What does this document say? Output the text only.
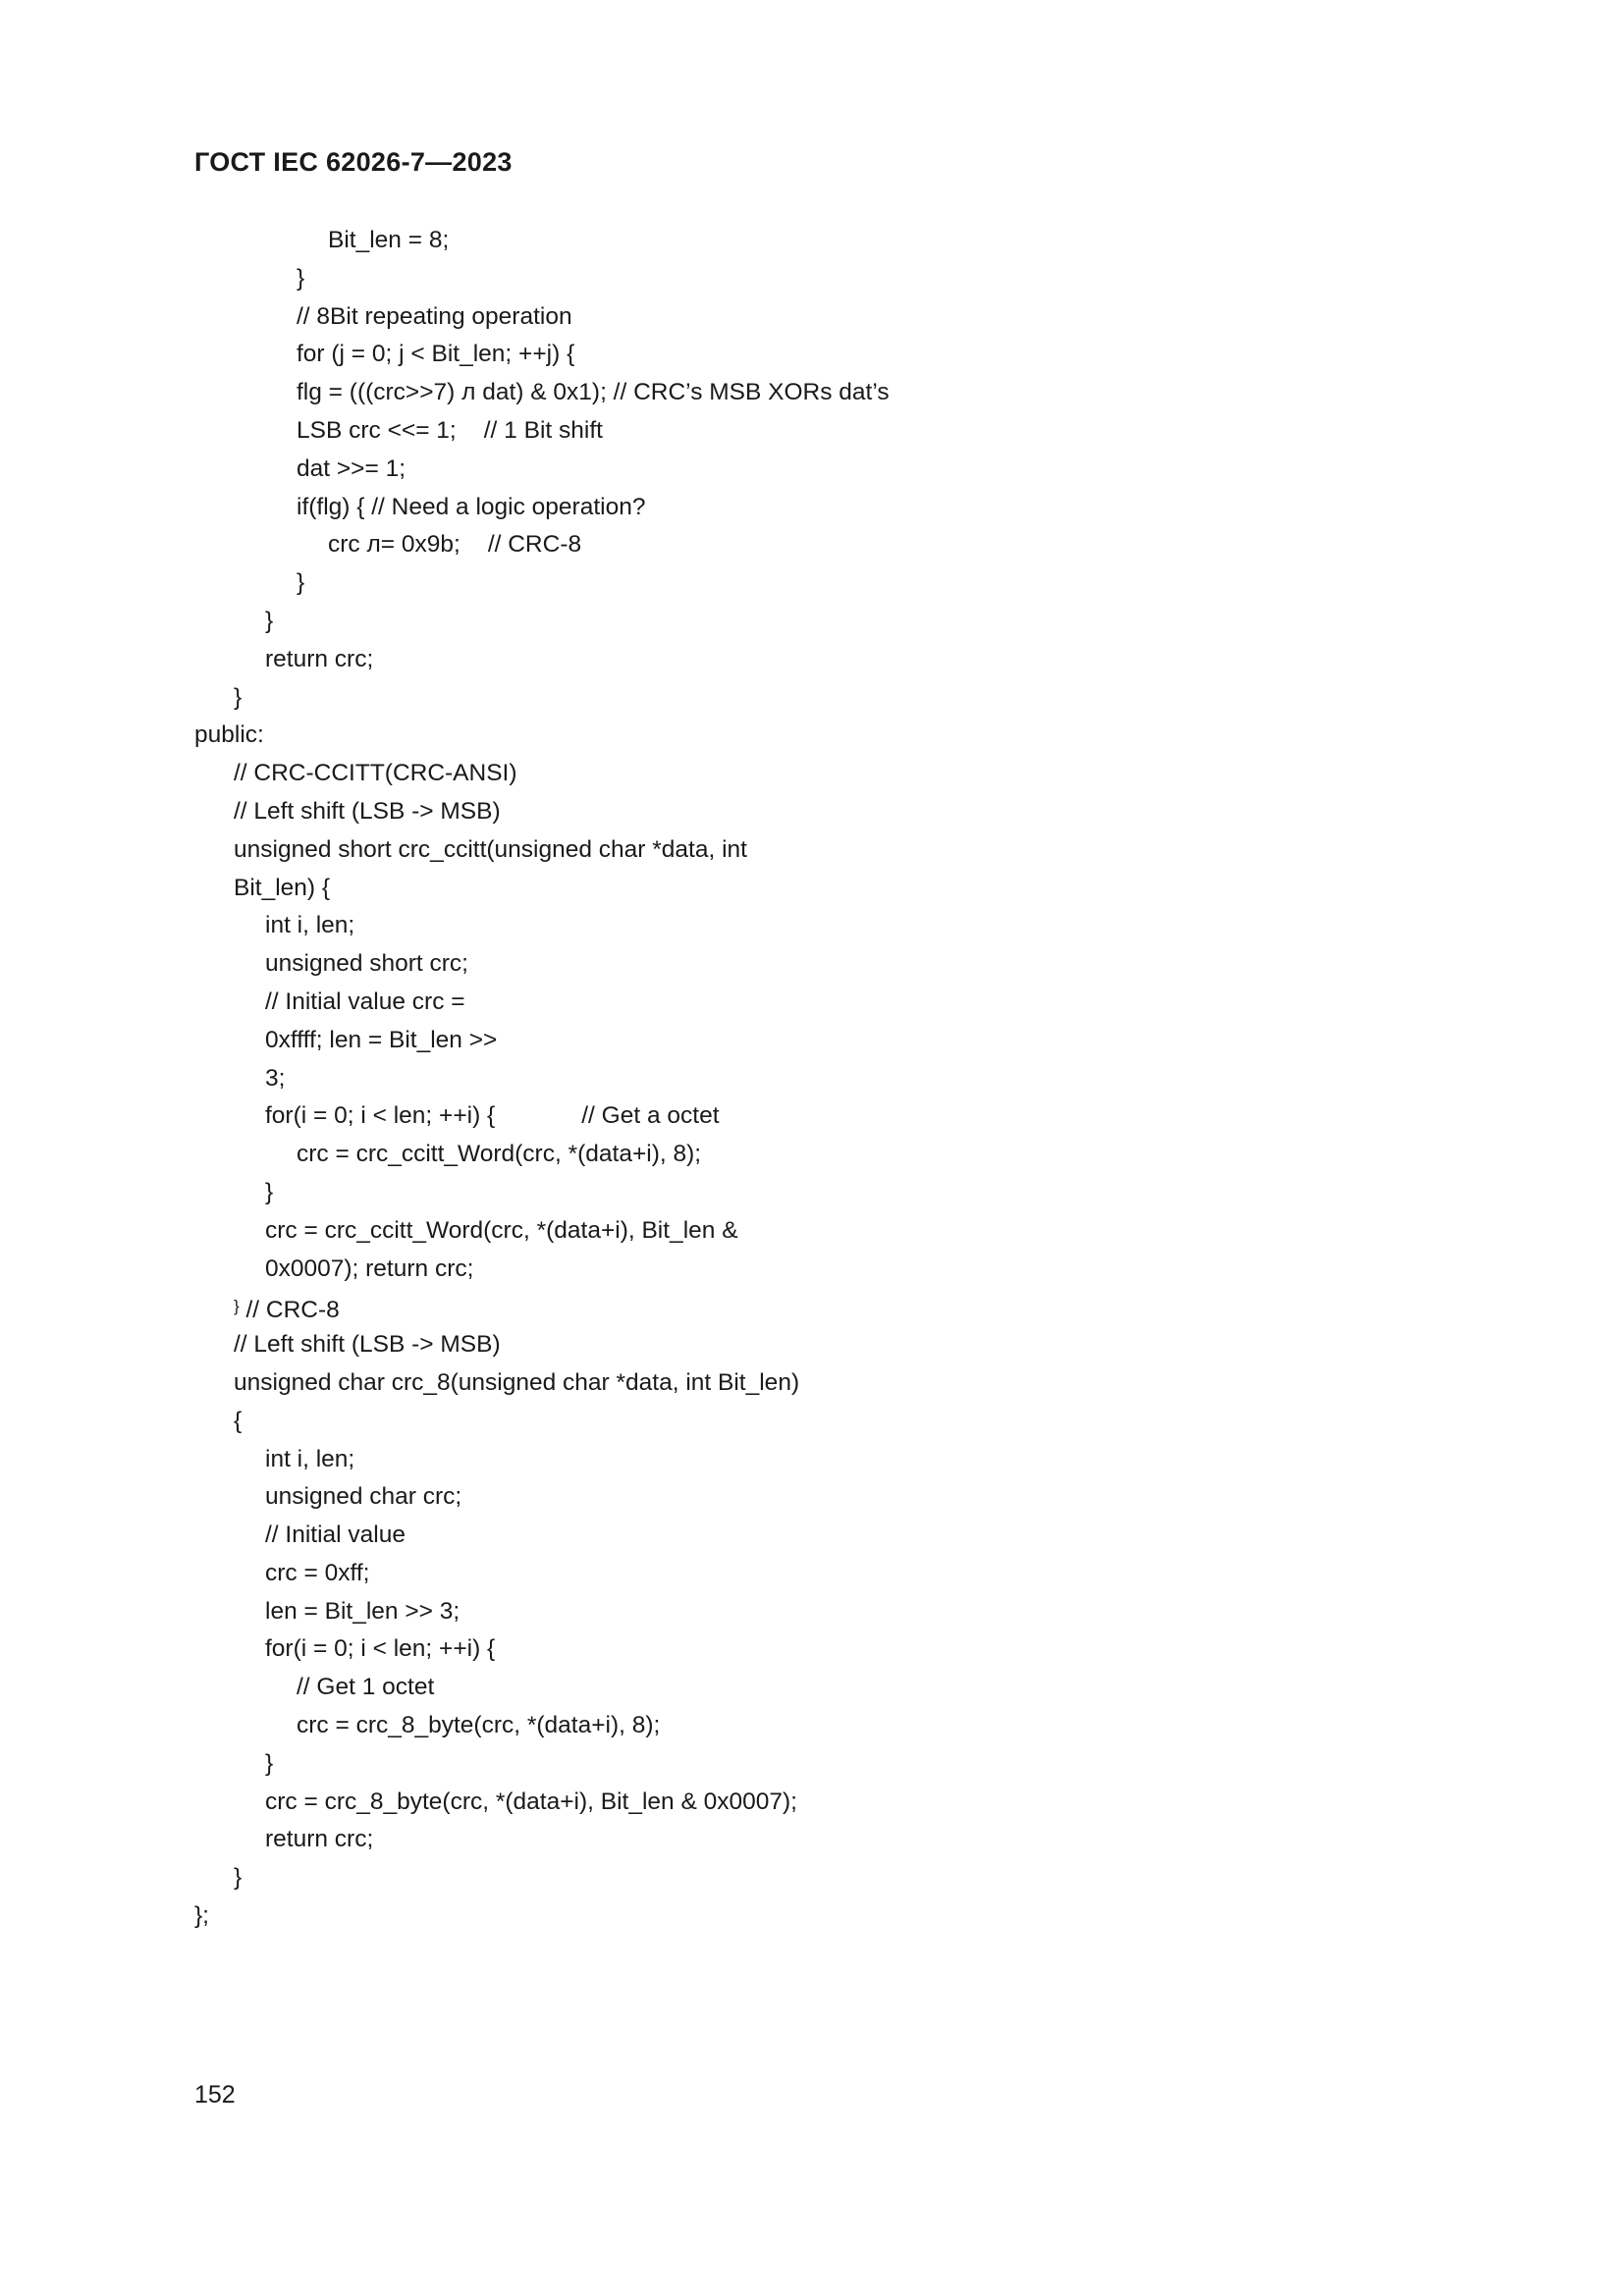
ГОСТ IEC 62026-7—2023
Bit_len = 8;
}
// 8Bit repeating operation
for (j = 0; j < Bit_len; ++j) {
flg = (((crc>>7) л dat) & 0x1); // CRC’s MSB XORs dat’s
LSB crc <<= 1; // 1 Bit shift
dat >>= 1;
if(flg) { // Need a logic operation?
crc л= 0x9b; // CRC-8
}
}
return crc;
}
public:
// CRC-CCITT(CRC-ANSI)
// Left shift (LSB -> MSB)
unsigned short crc_ccitt(unsigned char *data, int
Bit_len) {
int i, len;
unsigned short crc;
// Initial value crc =
0xffff; len = Bit_len >>
3;
for(i = 0; i < len; ++i) {	// Get a octet
crc = crc_ccitt_Word(crc, *(data+i), 8);
}
crc = crc_ccitt_Word(crc, *(data+i), Bit_len &
0x0007); return crc;
} // CRC-8
// Left shift (LSB -> MSB)
unsigned char crc_8(unsigned char *data, int Bit_len)
{
int i, len;
unsigned char crc;
// Initial value
crc = 0xff;
len = Bit_len >> 3;
for(i = 0; i < len; ++i) {
// Get 1 octet
crc = crc_8_byte(crc, *(data+i), 8);
}
crc = crc_8_byte(crc, *(data+i), Bit_len & 0x0007);
return crc;
}
};

152
